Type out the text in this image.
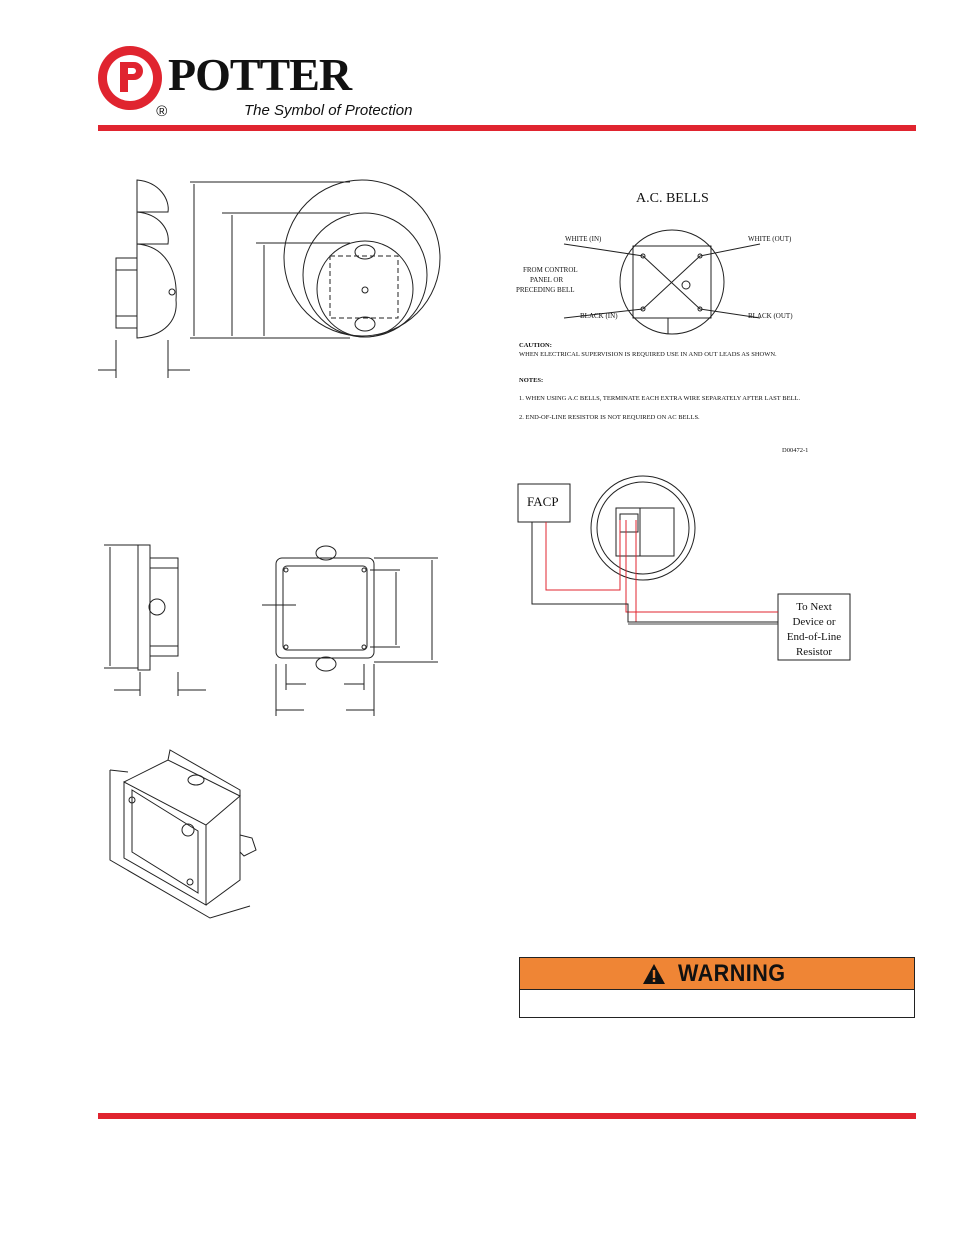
®
POTTER
The Symbol of Protection
A.C. BELLS
WHITE (IN)	WHITE (OUT)
FROM CONTROL
PANEL OR
PRECEDING BELL
BLACK (IN)	BLACK (OUT)
CAUTION:
WHEN ELECTRICAL SUPERVISION IS REQUIRED USE IN AND OUT LEADS AS SHOWN.
NOTES:
1. WHEN USING A.C BELLS, TERMINATE EACH EXTRA WIRE SEPARATELY AFTER LAST BELL.
2. END-OF-LINE RESISTOR IS NOT REQUIRED ON AC BELLS.
D00472-1
FACP
To Next
Device or
End-of-Line
Resistor
WARNING
